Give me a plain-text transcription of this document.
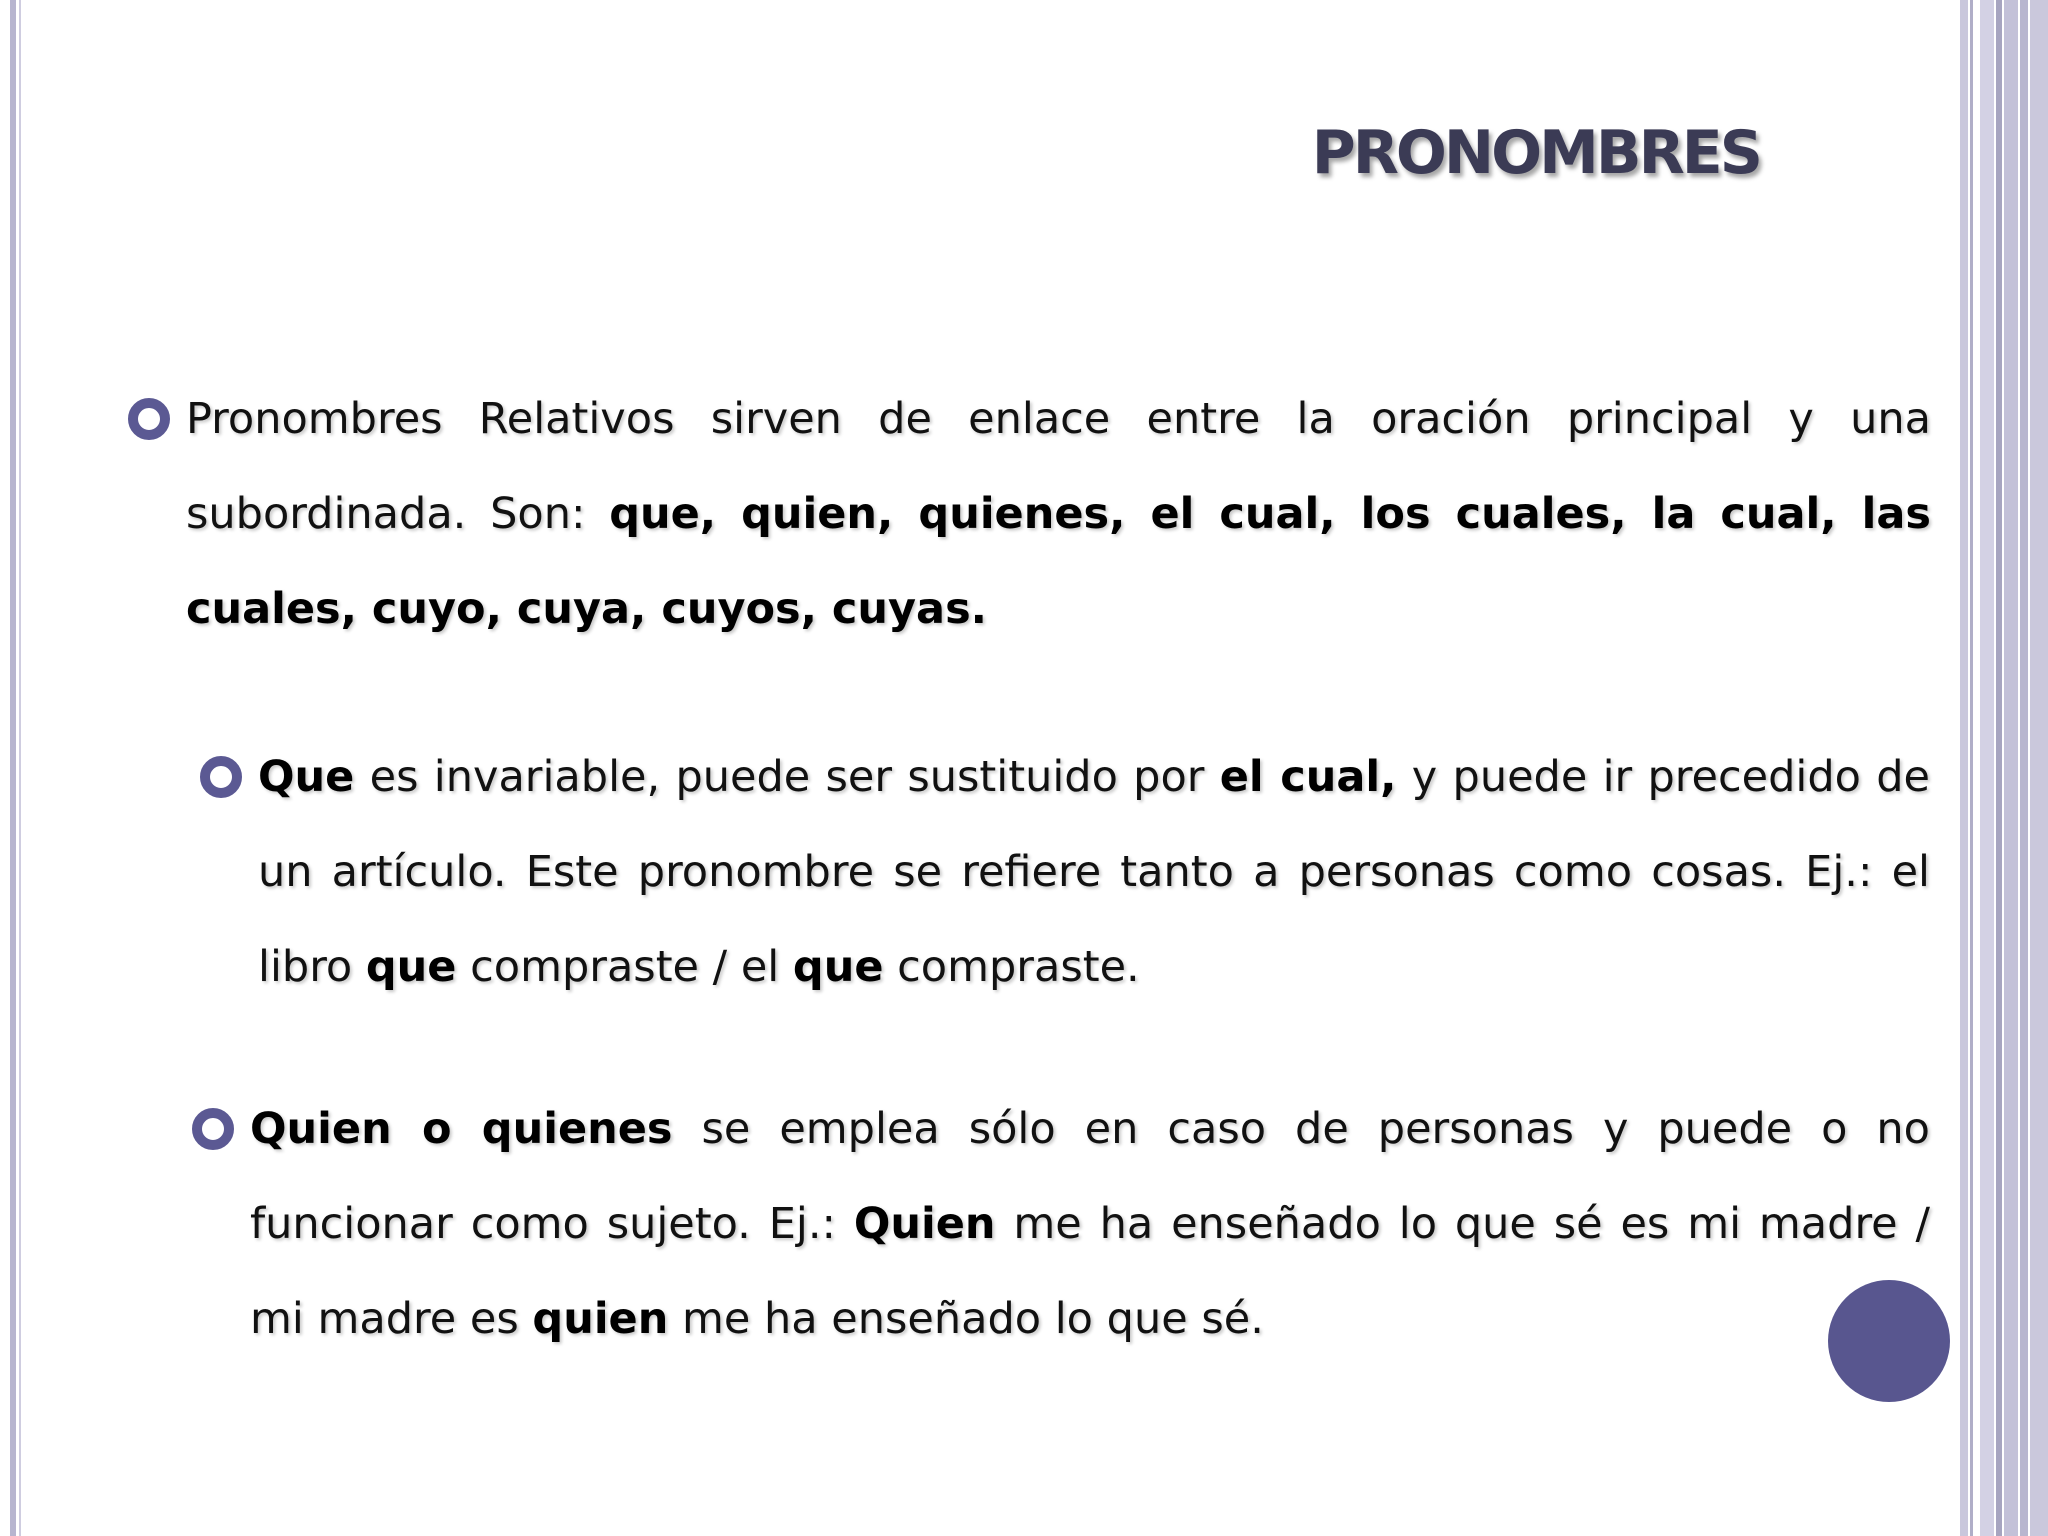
PRONOMBRES
Pronombres Relativos sirven de enlace entre la oración principal y una subordinada. Son: que, quien, quienes, el cual, los cuales, la cual, las cuales, cuyo, cuya, cuyos, cuyas.
Que es invariable, puede ser sustituido por el cual, y puede ir precedido de un artículo. Este pronombre se refiere tanto a personas como cosas. Ej.: el libro que compraste / el que compraste.
Quien o quienes se emplea sólo en caso de personas y puede o no funcionar como sujeto. Ej.: Quien me ha enseñado lo que sé es mi madre / mi madre es quien me ha enseñado lo que sé.
